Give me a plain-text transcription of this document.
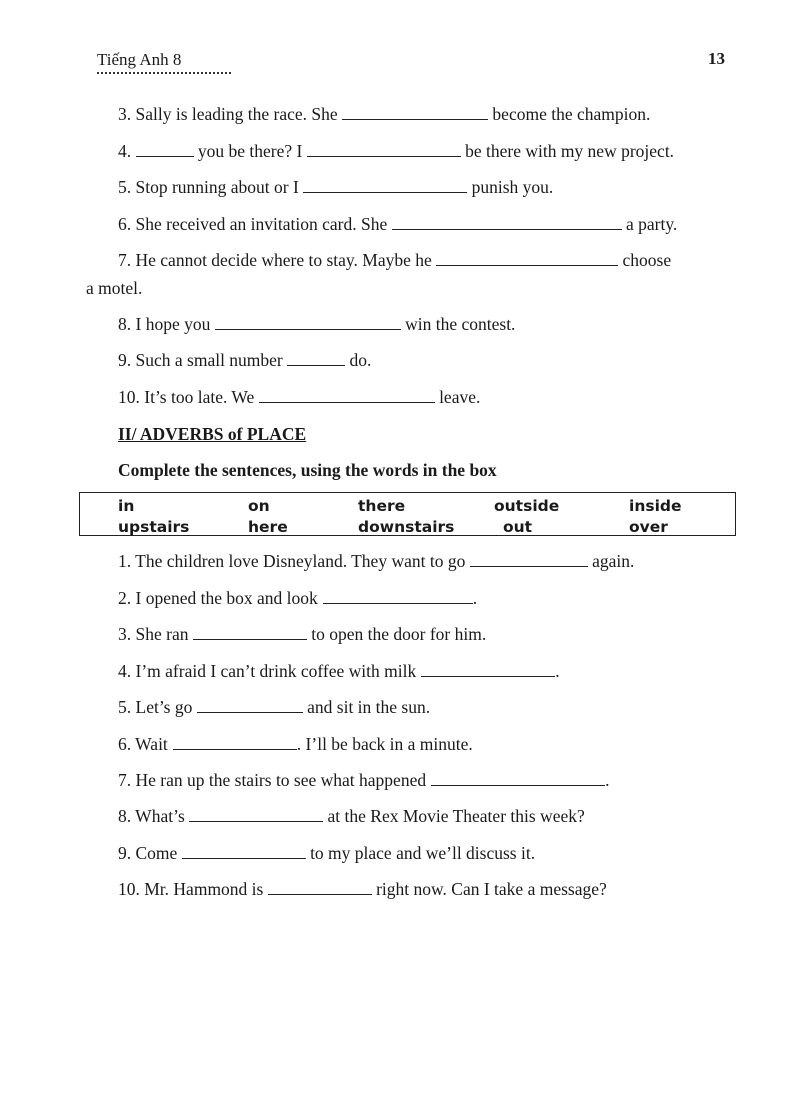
Tiếng Anh 8	13
3. Sally is leading the race. She	become the champion.
4.	you be there? I	be there with my new project.
5. Stop running about or I	punish you.
6. She received an invitation card. She	a party.
7. He cannot decide where to stay. Maybe he	choose
a motel.
8. I hope you	win the contest.
9. Such a small number	do.
10. It’s too late. We	leave.
II/ ADVERBS of PLACE
Complete the sentences, using the words in the box
in	on	there	outside	inside
upstairs	here	downstairs	out	over
1. The children love Disneyland. They want to go	again.
2. I opened the box and look	.
3. She ran	to open the door for him.
4. I’m afraid I can’t drink coffee with milk	.
5. Let’s go	and sit in the sun.
6. Wait	. I’ll be back in a minute.
7. He ran up the stairs to see what happened	.
8. What’s	at the Rex Movie Theater this week?
9. Come	to my place and we’ll discuss it.
10. Mr. Hammond is	right now. Can I take a message?
